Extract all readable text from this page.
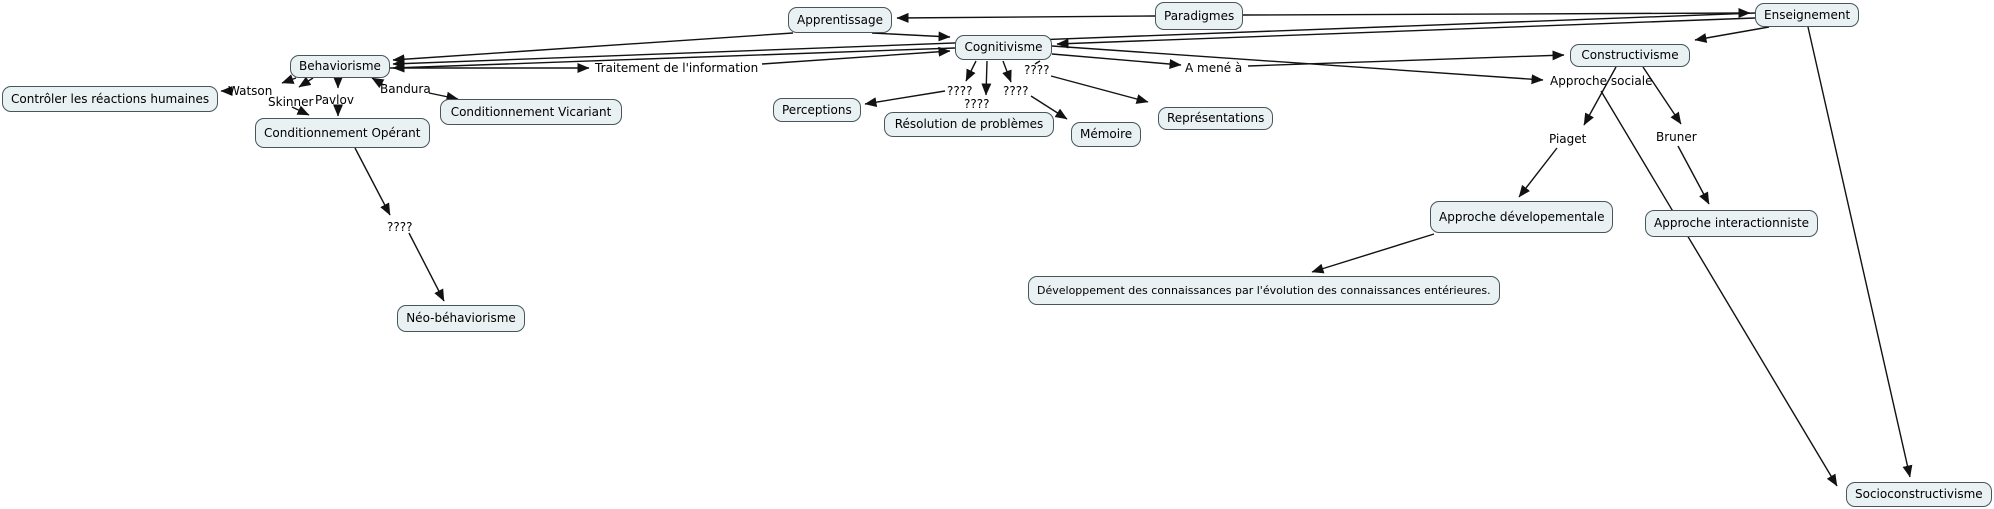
Apprentissage	Paradigmes	Enseignement
Cognitivisme
Behaviorisme
Contrôler les réactions humaines
Conditionnement Opérant
Conditionnement Vicariant	Perceptions
Résolution de problèmes
Mémoire
Représentations
Néo-béhaviorisme
Constructivisme
Approche dévelopementale	Approche interactionniste
Développement des connaissances par l'évolution des connaissances entérieures.
Socioconstructivisme
Traitement de l'information
Watson
Skinner Pavlov
Bandura
A mené à
Approche sociale
Piaget	Bruner
????
????
????
????
????
